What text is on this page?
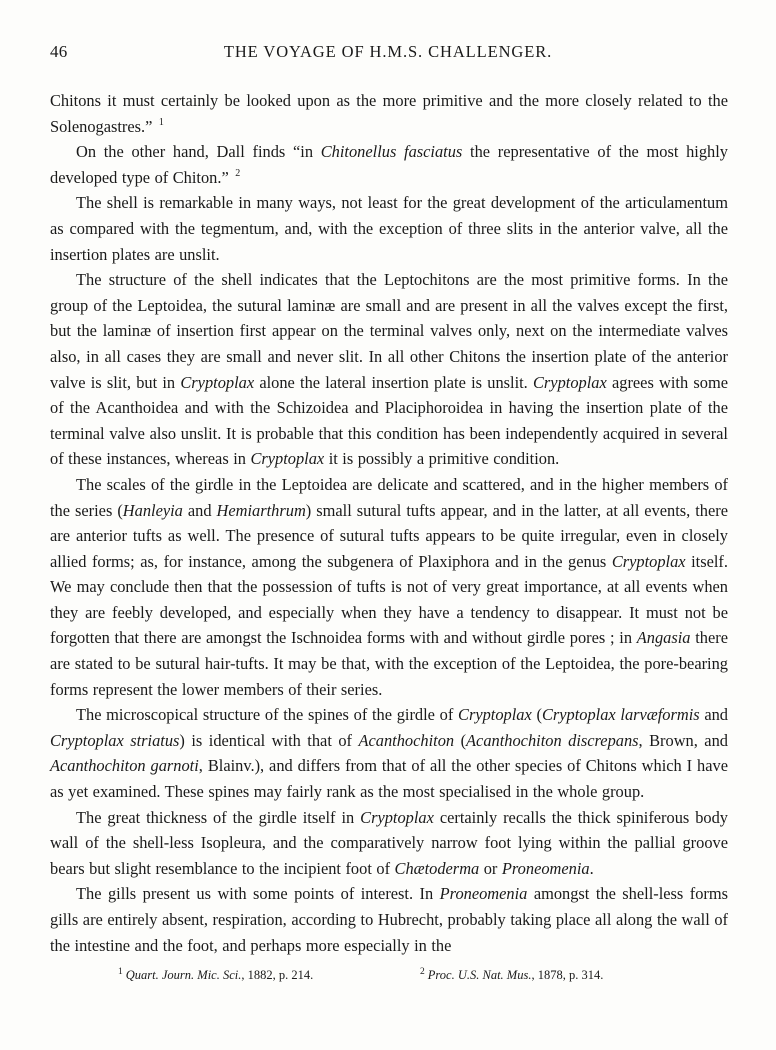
46	THE VOYAGE OF H.M.S. CHALLENGER.

Chitons it must certainly be looked upon as the more primitive and the more closely related to the Solenogastres.” $^1$

On the other hand, Dall finds “in Chitonellus fasciatus the representative of the most highly developed type of Chiton.” $^2$

The shell is remarkable in many ways, not least for the great development of the articulamentum as compared with the tegmentum, and, with the exception of three slits in the anterior valve, all the insertion plates are unslit.

The structure of the shell indicates that the Leptochitons are the most primitive forms. In the group of the Leptoidea, the sutural laminæ are small and are present in all the valves except the first, but the laminæ of insertion first appear on the terminal valves only, next on the intermediate valves also, in all cases they are small and never slit. In all other Chitons the insertion plate of the anterior valve is slit, but in Cryptoplax alone the lateral insertion plate is unslit. Cryptoplax agrees with some of the Acanthoidea and with the Schizoidea and Placiphoroidea in having the insertion plate of the terminal valve also unslit. It is probable that this condition has been independently acquired in several of these instances, whereas in Cryptoplax it is possibly a primitive condition.

The scales of the girdle in the Leptoidea are delicate and scattered, and in the higher members of the series (Hanleyia and Hemiarthrum) small sutural tufts appear, and in the latter, at all events, there are anterior tufts as well. The presence of sutural tufts appears to be quite irregular, even in closely allied forms; as, for instance, among the subgenera of Plaxiphora and in the genus Cryptoplax itself. We may conclude then that the possession of tufts is not of very great importance, at all events when they are feebly developed, and especially when they have a tendency to disappear. It must not be forgotten that there are amongst the Ischnoidea forms with and without girdle pores ; in Angasia there are stated to be sutural hair-tufts. It may be that, with the exception of the Leptoidea, the pore-bearing forms represent the lower members of their series.

The microscopical structure of the spines of the girdle of Cryptoplax (Cryptoplax larvæformis and Cryptoplax striatus) is identical with that of Acanthochiton (Acanthochiton discrepans, Brown, and Acanthochiton garnoti, Blainv.), and differs from that of all the other species of Chitons which I have as yet examined. These spines may fairly rank as the most specialised in the whole group.

The great thickness of the girdle itself in Cryptoplax certainly recalls the thick spiniferous body wall of the shell-less Isopleura, and the comparatively narrow foot lying within the pallial groove bears but slight resemblance to the incipient foot of Chætoderma or Proneomenia.

The gills present us with some points of interest. In Proneomenia amongst the shell-less forms gills are entirely absent, respiration, according to Hubrecht, probably taking place all along the wall of the intestine and the foot, and perhaps more especially in the

$^1$ Quart. Journ. Mic. Sci., 1882, p. 214.	$^2$ Proc. U.S. Nat. Mus., 1878, p. 314.
